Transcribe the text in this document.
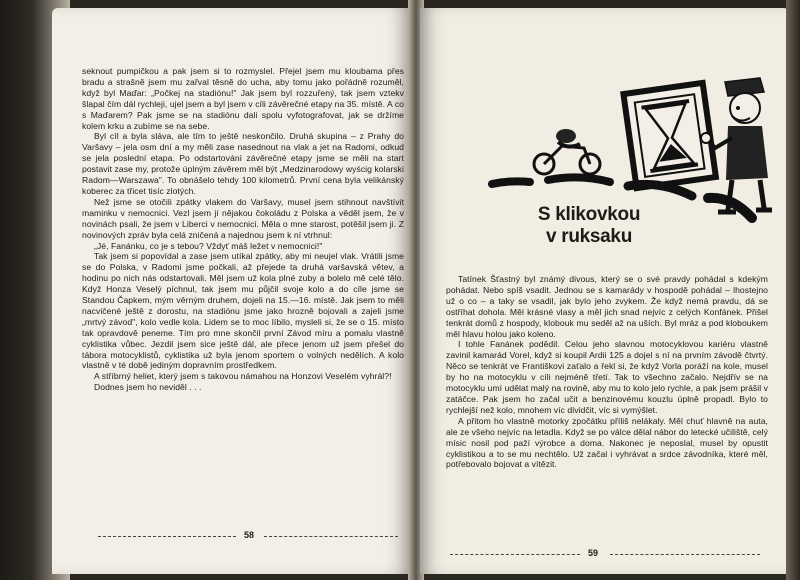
seknout pumpičkou a pak jsem si to rozmyslel. Přejel jsem mu kloubama přes bradu a strašně jsem mu zařval těsně do ucha, aby tomu jako pořádně rozuměl, když byl Maďar: „Počkej na stadiónu!" Jak jsem byl rozzuřený, tak jsem vztekv šlapal čím dál rychleji, ujel jsem a byl jsem v cíli závěrečné etapy na 35. místě. A co s Maďarem? Pak jsme se na stadiónu dali spolu vyfotografovat, jak se držíme kolem krku a zubíme se na sebe.

Byl cíl a byla sláva, ale tím to ještě neskončilo. Druhá skupina – z Prahy do Varšavy – jela osm dní a my měli zase nasednout na vlak a jet na Radomi, odkud se jela poslední etapa. Po odstartování závěrečné etapy jsme se měli na start postavit zase my, protože úplným závěrem měl být „Medzinarodowy wyścig kolarski Radom—Warszawa". To obnášelo tehdy 100 kilometrů. První cena byla velikánský koberec za třicet tisíc zlotých.

Než jsme se otočili zpátky vlakem do Varšavy, musel jsem stihnout navštívit maminku v nemocnici. Vezl jsem jí nějakou čokoládu z Polska a věděl jsem, že v novinách psali, že jsem v Liberci v nemocnici. Měla o mne starost, potěšil jsem ji. Z novinových zpráv byla celá zničená a najednou jsem k ní vtrhnul:

„Jé, Fanánku, co je s tebou? Vždyť máš ležet v nemocnici!"

Tak jsem si popovídal a zase jsem utíkal zpátky, aby mi neujel vlak. Vrátili jsme se do Polska, v Radomi jsme počkali, až přejede ta druhá varšavská větev, a hodinu po nich nás odstartovali. Měl jsem už kola plné zuby a bolelo mě celé tělo. Když Honza Veselý píchnul, tak jsem mu půjčil svoje kolo a do cíle jsme se Standou Čapkem, mým věrným druhem, dojeli na 15.—16. místě. Jak jsem to měli nacvičené ještě z dorostu, na stadiónu jsme jako hrozně bojovali a zajeli jsme „mrtvý závod", kolo vedle kola. Lidem se to moc líbilo, mysleli si, že se o 15. místo tak opravdově peneme. Tím pro mne skončil první Závod míru a pomalu vlastně cyklistika vůbec. Jezdil jsem sice ještě dál, ale přece jenom už jsem přešel do tábora motocyklistů, cyklistika už byla jenom sportem o volných nedělích. A kolo vlastně v té době jediným dopravním prostředkem.

A stříbrný heliet, který jsem s takovou námahou na Honzovi Veselém vyhrál?!

Dodnes jsem ho neviděl . . .

58
S klikovkou
v ruksaku

Tatínek Šťastný byl známý divous, který se o své pravdy pohádal s kdekým pohádat. Nebo spíš vsadit. Jednou se s kamarády v hospodě pohádal – lhostejno už o co – a taky se vsadil, jak bylo jeho zvykem. Že když nemá pravdu, dá se ostříhat dohola. Měl krásné vlasy a měl jich snad nejvíc z celých Konfánek. Přišel tenkrát domů z hospody, klobouk mu seděl až na uších. Byl mráz a pod kloboukem měl hlavu holou jako koleno.

I tohle Fanánek podědil. Celou jeho slavnou motocyklovou kariéru vlastně zavinil kamarád Vorel, když si koupil Ardii 125 a dojel s ní na prvním závodě čtvrtý. Něco se tenkrát ve Františkovi zaťalo a řekl si, že když Vorla poráží na kole, musel by ho na motocyklu v cíli nejméně třetí. Tak to všechno začalo. Nejdřív se na motocyklu umí udělat malý na rovině, aby mu to kolo jelo rychle, a pak jsem prášil v zatáčce. Pak jsem ho začal učit a benzinovému kouzlu úplně propadl. Bylo to rychlejší než kolo, mnohem víc dividčit, víc si vymýšlet.

A přitom ho vlastně motorky zpočátku příliš nelákaly. Měl chuť hlavně na auta, ale ze všeho nejvíc na letadla. Když se po válce dělal nábor do letecké učiliště, celý mísic nosil pod paží výrobce a doma. Nakonec je neposlal, musel by opustit cyklistikou a to se mu nechtělo. Už začal i vyhrávat a srdce závodníka, které měl, potřebovalo bojovat a vítězit.

59
